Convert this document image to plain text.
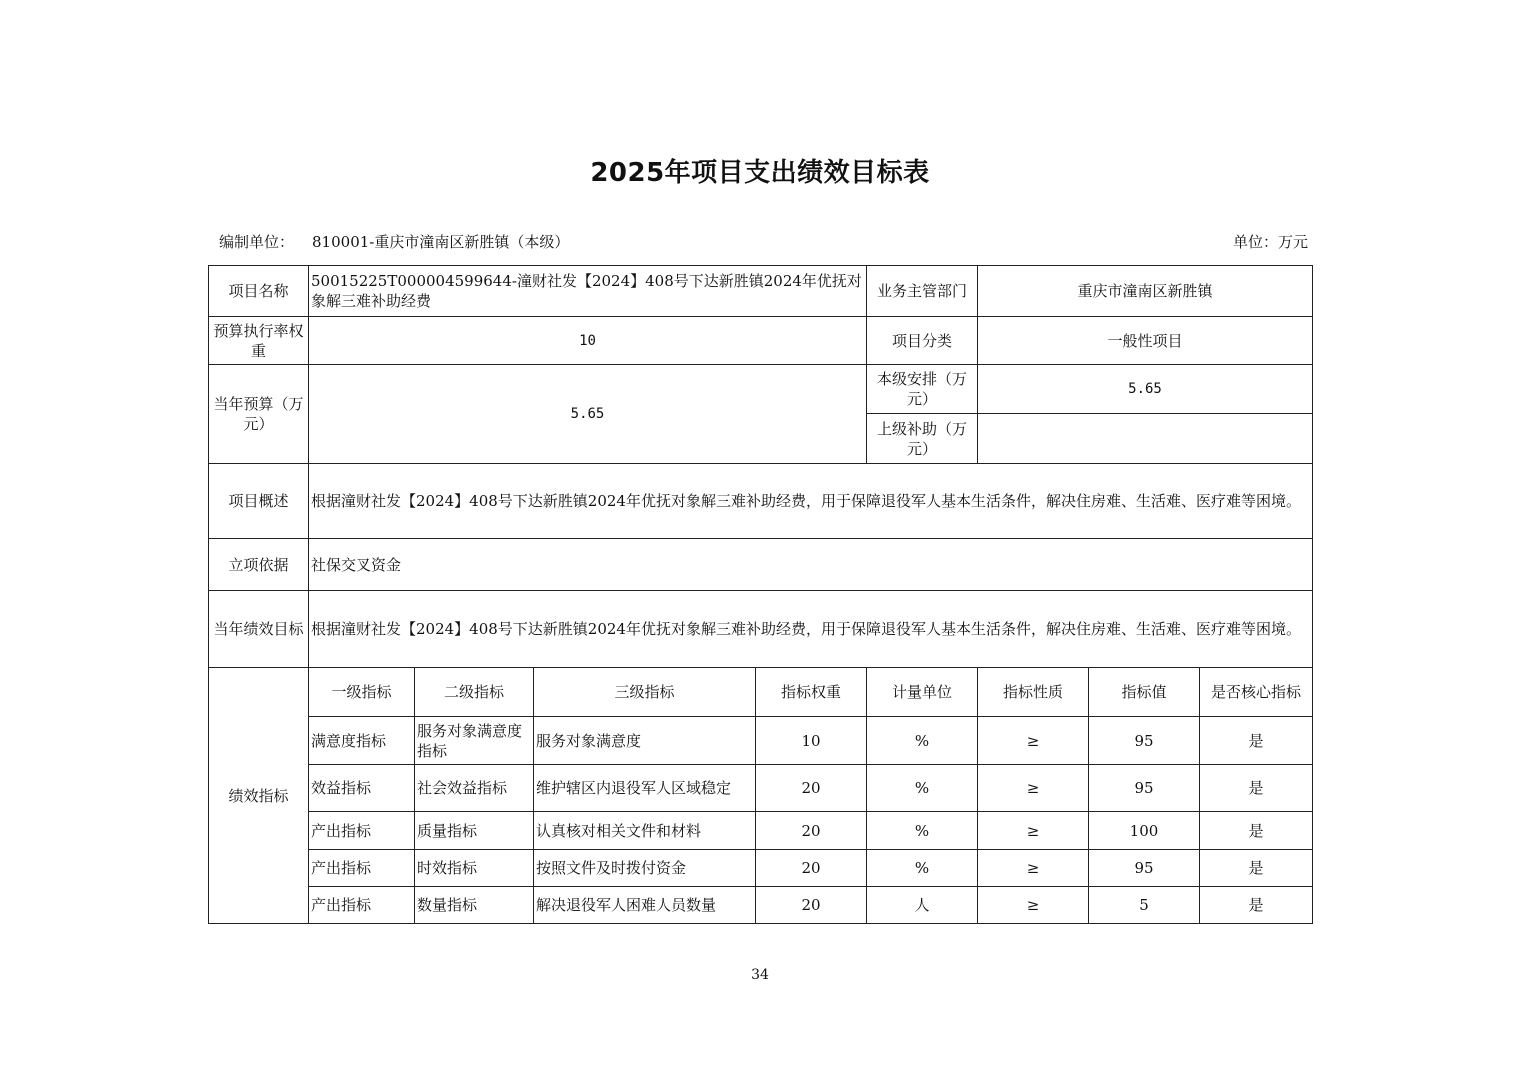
2025年项目支出绩效目标表
编制单位： 810001-重庆市潼南区新胜镇（本级）	单位：万元
项目名称	50015225T000004599644-潼财社发【2024】408号下达新胜镇2024年优抚对象解三难补助经费				业务主管部门	重庆市潼南区新胜镇		
预算执行率权重	10				项目分类	一般性项目		
当年预算（万元）	5.65				本级安排（万元）	5.65		
					上级补助（万元）			
项目概述	根据潼财社发【2024】408号下达新胜镇2024年优抚对象解三难补助经费，用于保障退役军人基本生活条件，解决住房难、生活难、医疗难等困境。							
立项依据	社保交叉资金							
当年绩效目标	根据潼财社发【2024】408号下达新胜镇2024年优抚对象解三难补助经费，用于保障退役军人基本生活条件，解决住房难、生活难、医疗难等困境。							
绩效指标	一级指标	二级指标	三级指标	指标权重	计量单位	指标性质	指标值	是否核心指标
	满意度指标	服务对象满意度指标	服务对象满意度	10	%	≥	95	是
	效益指标	社会效益指标	维护辖区内退役军人区域稳定	20	%	≥	95	是
	产出指标	质量指标	认真核对相关文件和材料	20	%	≥	100	是
	产出指标	时效指标	按照文件及时拨付资金	20	%	≥	95	是
	产出指标	数量指标	解决退役军人困难人员数量	20	人	≥	5	是
34
